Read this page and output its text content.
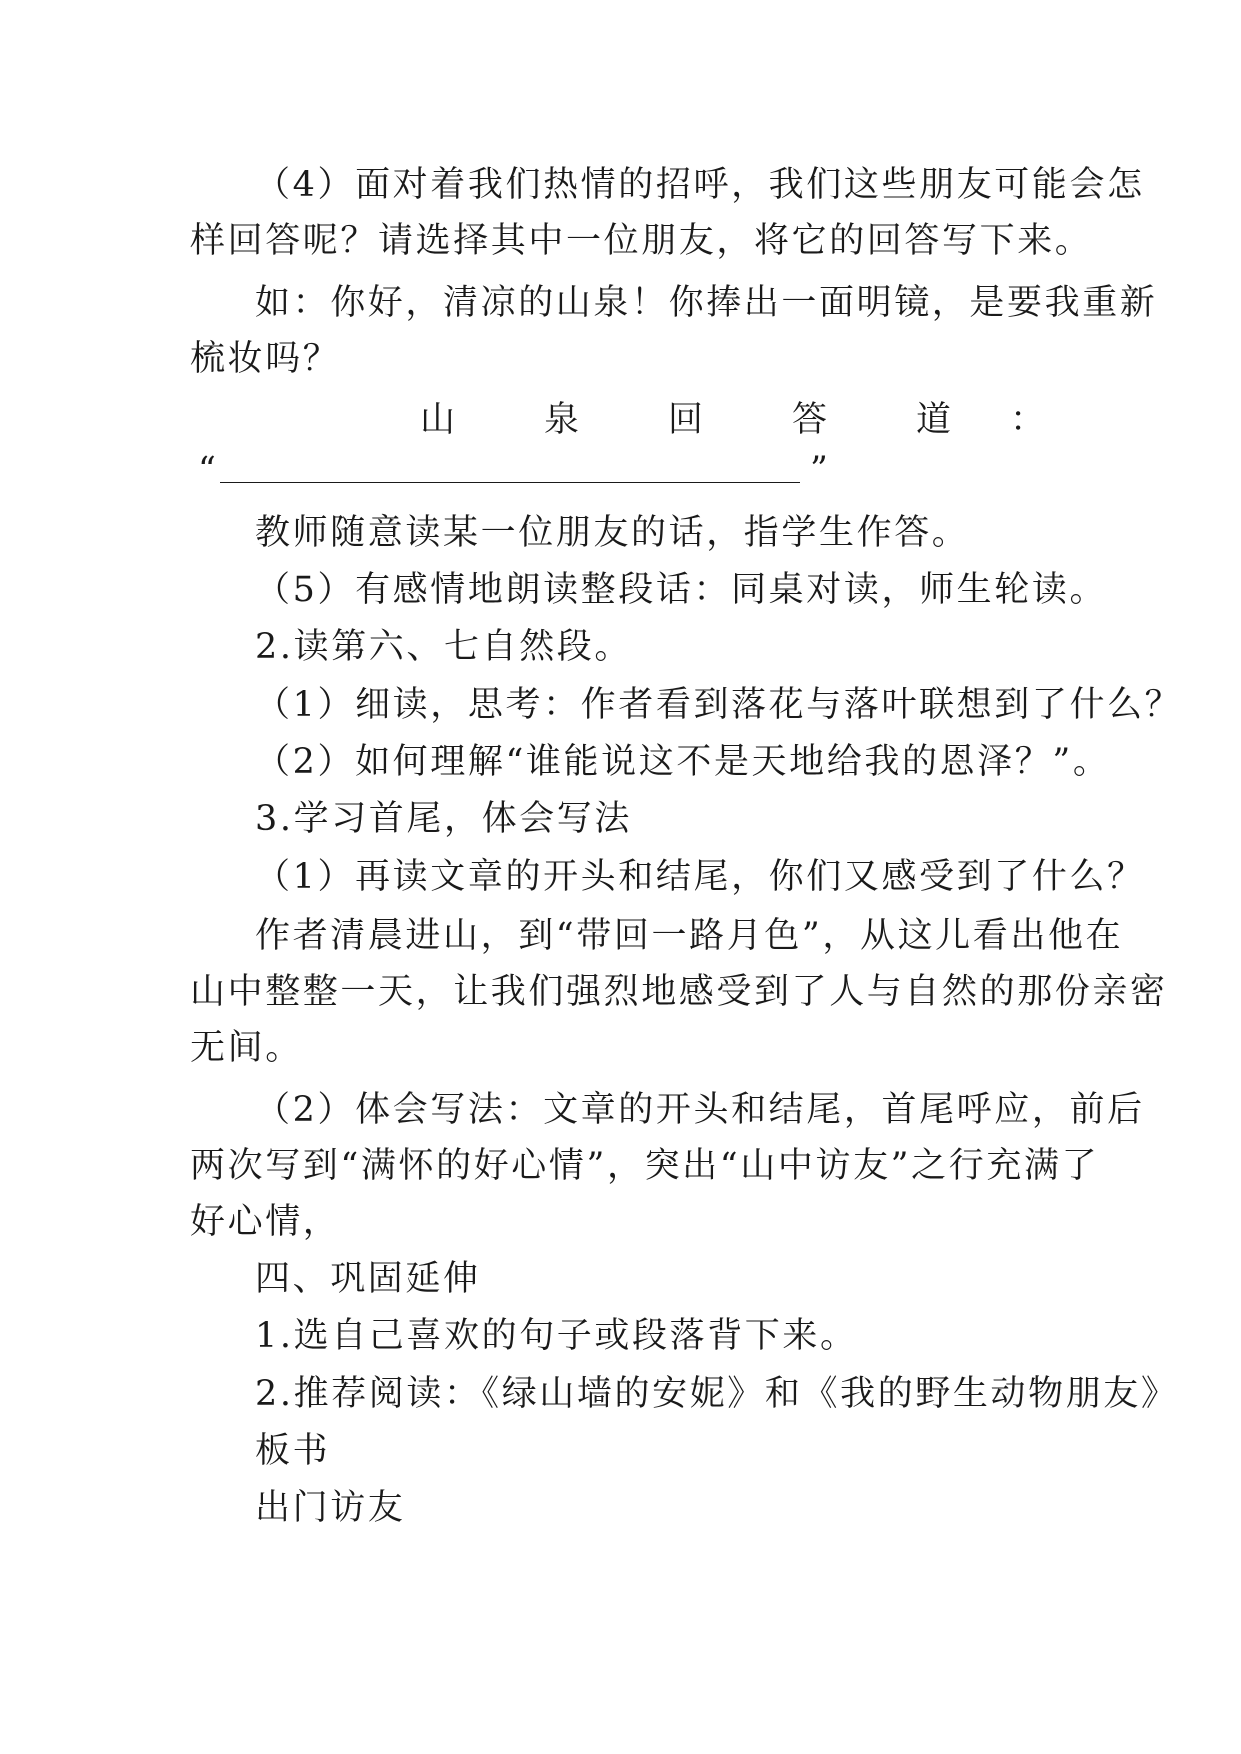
（4）面对着我们热情的招呼，我们这些朋友可能会怎
样回答呢？请选择其中一位朋友，将它的回答写下来。
如：你好，清凉的山泉！你捧出一面明镜，是要我重新
梳妆吗？
山	泉	回	答	道 ：
“	”
教师随意读某一位朋友的话，指学生作答。
（5）有感情地朗读整段话：同桌对读，师生轮读。
2.读第六、七自然段。
（1）细读，思考：作者看到落花与落叶联想到了什么？
（2）如何理解“谁能说这不是天地给我的恩泽？”。
3.学习首尾，体会写法
（1）再读文章的开头和结尾，你们又感受到了什么？
作者清晨进山，到“带回一路月色”，从这儿看出他在
山中整整一天，让我们强烈地感受到了人与自然的那份亲密
无间。
（2）体会写法：文章的开头和结尾，首尾呼应，前后
两次写到“满怀的好心情”，突出“山中访友”之行充满了
好心情，
四、巩固延伸
1.选自己喜欢的句子或段落背下来。
2.推荐阅读：《绿山墙的安妮》和《我的野生动物朋友》
板书
出门访友
